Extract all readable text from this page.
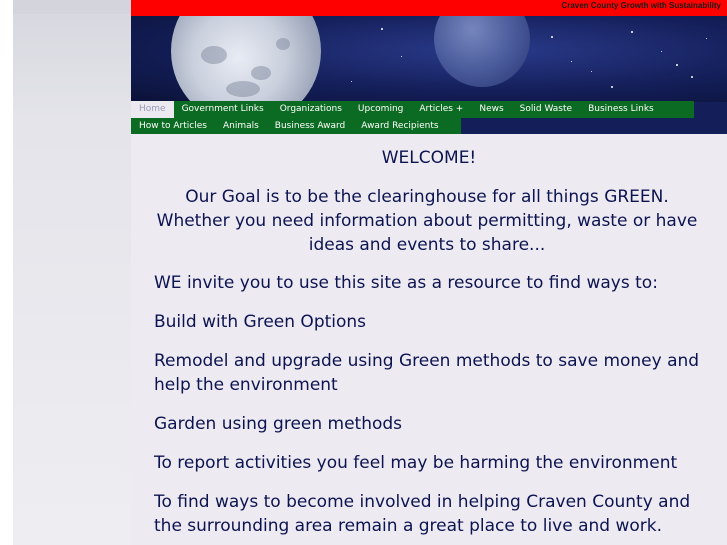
Craven County Growth with Sustainability
Home	Government Links	Organizations	Upcoming	Articles +	News	Solid Waste	Business Links
How to Articles	Animals	Business Award	Award Recipients
WELCOME!
Our Goal is to be the clearinghouse for all things GREEN. Whether you need information about permitting, waste or have ideas and events to share...
WE invite you to use this site as a resource to find ways to:
Build with Green Options
Remodel and upgrade using Green methods to save money and help the environment
Garden using green methods
To report activities you feel may be harming the environment
To find ways to become involved in helping Craven County and the surrounding area remain a great place to live and work.
